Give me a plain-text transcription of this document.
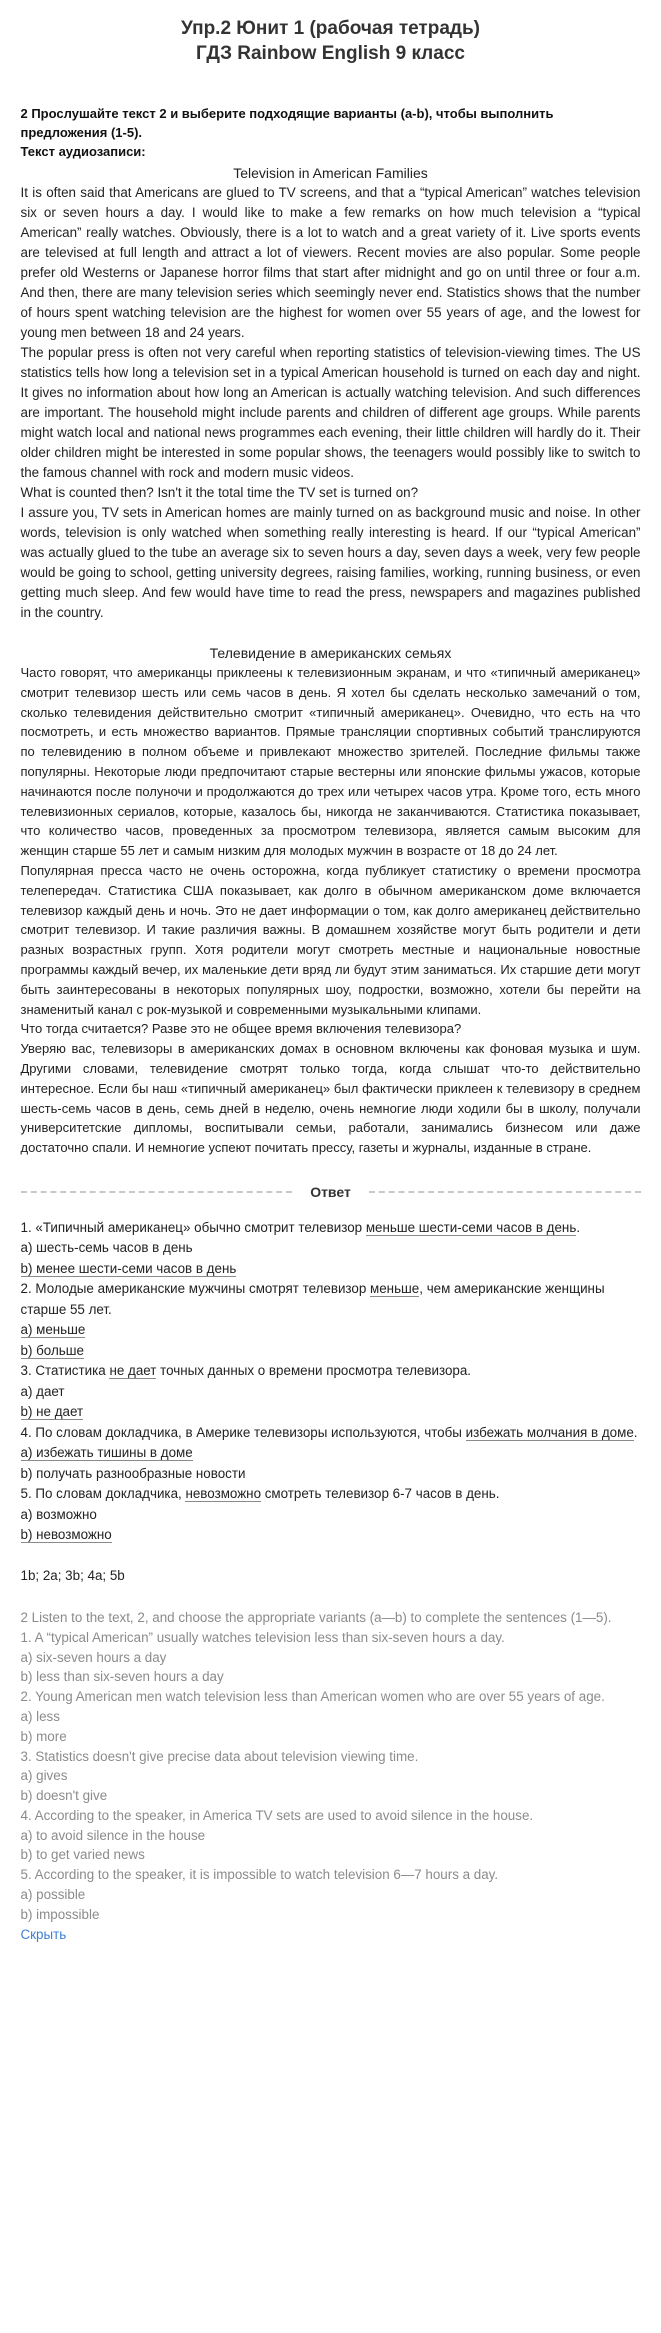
Упр.2 Юнит 1 (рабочая тетрадь)
ГДЗ Rainbow English 9 класс
2 Прослушайте текст 2 и выберите подходящие варианты (a-b), чтобы выполнить предложения (1-5).
Текст аудиозаписи:
Television in American Families

It is often said that Americans are glued to TV screens, and that a “typical American” watches television six or seven hours a day. I would like to make a few remarks on how much television a “typical American” really watches. Obviously, there is a lot to watch and a great variety of it. Live sports events are televised at full length and attract a lot of viewers. Recent movies are also popular. Some people prefer old Westerns or Japanese horror films that start after midnight and go on until three or four a.m. And then, there are many television series which seemingly never end. Statistics shows that the number of hours spent watching television are the highest for women over 55 years of age, and the lowest for young men between 18 and 24 years.

The popular press is often not very careful when reporting statistics of television-viewing times. The US statistics tells how long a television set in a typical American household is turned on each day and night. It gives no information about how long an American is actually watching television. And such differences are important. The household might include parents and children of different age groups. While parents might watch local and national news programmes each evening, their little children will hardly do it. Their older children might be interested in some popular shows, the teenagers would possibly like to switch to the famous channel with rock and modern music videos.

What is counted then? Isn't it the total time the TV set is turned on?

I assure you, TV sets in American homes are mainly turned on as background music and noise. In other words, television is only watched when something really interesting is heard. If our “typical American” was actually glued to the tube an average six to seven hours a day, seven days a week, very few people would be going to school, getting university degrees, raising families, working, running business, or even getting much sleep. And few would have time to read the press, newspapers and magazines published in the country.

Телевидение в американских семьях

Часто говорят, что американцы приклеены к телевизионным экранам, и что «типичный американец» смотрит телевизор шесть или семь часов в день. Я хотел бы сделать несколько замечаний о том, сколько телевидения действительно смотрит «типичный американец». Очевидно, что есть на что посмотреть, и есть множество вариантов. Прямые трансляции спортивных событий транслируются по телевидению в полном объеме и привлекают множество зрителей. Последние фильмы также популярны. Некоторые люди предпочитают старые вестерны или японские фильмы ужасов, которые начинаются после полуночи и продолжаются до трех или четырех часов утра. Кроме того, есть много телевизионных сериалов, которые, казалось бы, никогда не заканчиваются. Статистика показывает, что количество часов, проведенных за просмотром телевизора, является самым высоким для женщин старше 55 лет и самым низким для молодых мужчин в возрасте от 18 до 24 лет.

Популярная пресса часто не очень осторожна, когда публикует статистику о времени просмотра телепередач. Статистика США показывает, как долго в обычном американском доме включается телевизор каждый день и ночь. Это не дает информации о том, как долго американец действительно смотрит телевизор. И такие различия важны. В домашнем хозяйстве могут быть родители и дети разных возрастных групп. Хотя родители могут смотреть местные и национальные новостные программы каждый вечер, их маленькие дети вряд ли будут этим заниматься. Их старшие дети могут быть заинтересованы в некоторых популярных шоу, подростки, возможно, хотели бы перейти на знаменитый канал с рок-музыкой и современными музыкальными клипами.

Что тогда считается? Разве это не общее время включения телевизора?

Уверяю вас, телевизоры в американских домах в основном включены как фоновая музыка и шум. Другими словами, телевидение смотрят только тогда, когда слышат что-то действительно интересное. Если бы наш «типичный американец» был фактически приклеен к телевизору в среднем шесть-семь часов в день, семь дней в неделю, очень немногие люди ходили бы в школу, получали университетские дипломы, воспитывали семьи, работали, занимались бизнесом или даже достаточно спали. И немногие успеют почитать прессу, газеты и журналы, изданные в стране.

Ответ

1. «Типичный американец» обычно смотрит телевизор меньше шести-семи часов в день.

а) шесть-семь часов в день

b) менее шести-семи часов в день

2. Молодые американские мужчины смотрят телевизор меньше, чем американские женщины старше 55 лет.

а) меньше

b) больше

3. Статистика не дает точных данных о времени просмотра телевизора.

а) дает

b) не дает

4. По словам докладчика, в Америке телевизоры используются, чтобы избежать молчания в доме.

а) избежать тишины в доме

b) получать разнообразные новости

5. По словам докладчика, невозможно смотреть телевизор 6-7 часов в день.

а) возможно

b) невозможно

1b; 2a; 3b; 4a; 5b

2 Listen to the text, 2, and choose the appropriate variants (a—b) to complete the sentences (1—5).

1. A “typical American” usually watches television less than six-seven hours a day.

a) six-seven hours a day

b) less than six-seven hours a day

2. Young American men watch television less than American women who are over 55 years of age.

a) less

b) more

3. Statistics doesn't give precise data about television viewing time.

a) gives

b) doesn't give

4. According to the speaker, in America TV sets are used to avoid silence in the house.

a) to avoid silence in the house

b) to get varied news

5. According to the speaker, it is impossible to watch television 6—7 hours a day.

a) possible

b) impossible

Скрыть
